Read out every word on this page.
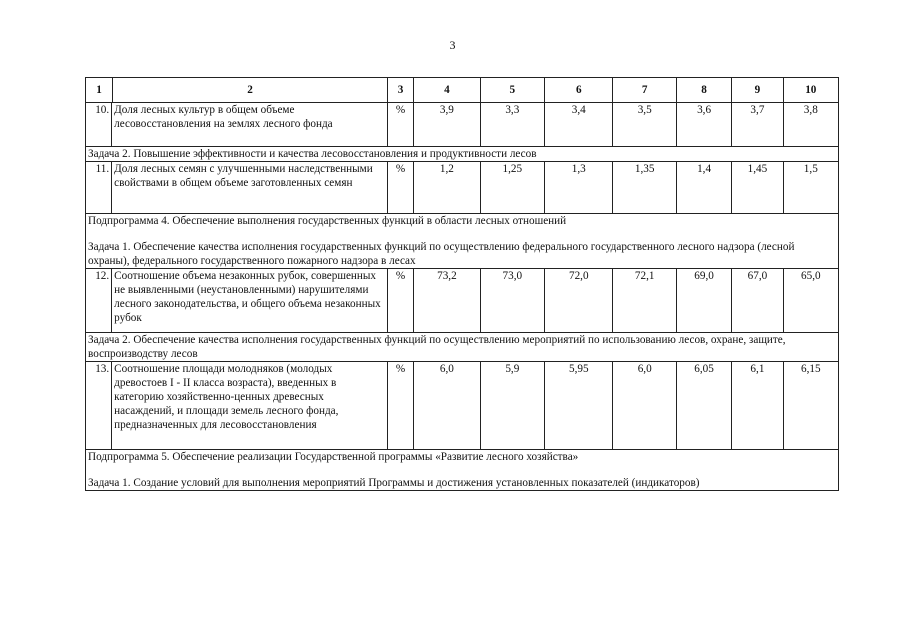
3
1 2		3	4	5	6	7	8	9	10
10.	Доля лесных культур в общем объеме лесовосстановления на землях лесного фонда	%	3,9	3,3	3,4	3,5	3,6	3,7	3,8

Задача 2. Повышение эффективности и качества лесовосстановления и продуктивности лесов									

11.	Доля лесных семян с улучшенными наследственными свойствами в общем объеме заготовленных семян	%	1,2	1,25	1,3	1,35	1,4	1,45	1,5

Подпрограмма 4. Обеспечение выполнения государственных функций в области лесных отношений
Задача 1. Обеспечение качества исполнения государственных функций по осуществлению федерального государственного лесного надзора (лесной охраны), федерального государственного пожарного надзора в лесах									

12.	Соотношение объема незаконных рубок, совершенных не выявленными (неустановленными) нарушителями лесного законодательства, и общего объема незаконных рубок	%	73,2	73,0	72,0	72,1	69,0	67,0	65,0

Задача 2. Обеспечение качества исполнения государственных функций по осуществлению мероприятий по использованию лесов, охране, защите, воспроизводству лесов									

13.	Соотношение площади молодняков (молодых древостоев I - II класса возраста), введенных в категорию хозяйственно-ценных древесных насаждений, и площади земель лесного фонда, предназначенных для лесовосстановления	%	6,0	5,9	5,95	6,0	6,05	6,1	6,15

Подпрограмма 5. Обеспечение реализации Государственной программы «Развитие лесного хозяйства»
Задача 1. Создание условий для выполнения мероприятий Программы и достижения установленных показателей (индикаторов)									
